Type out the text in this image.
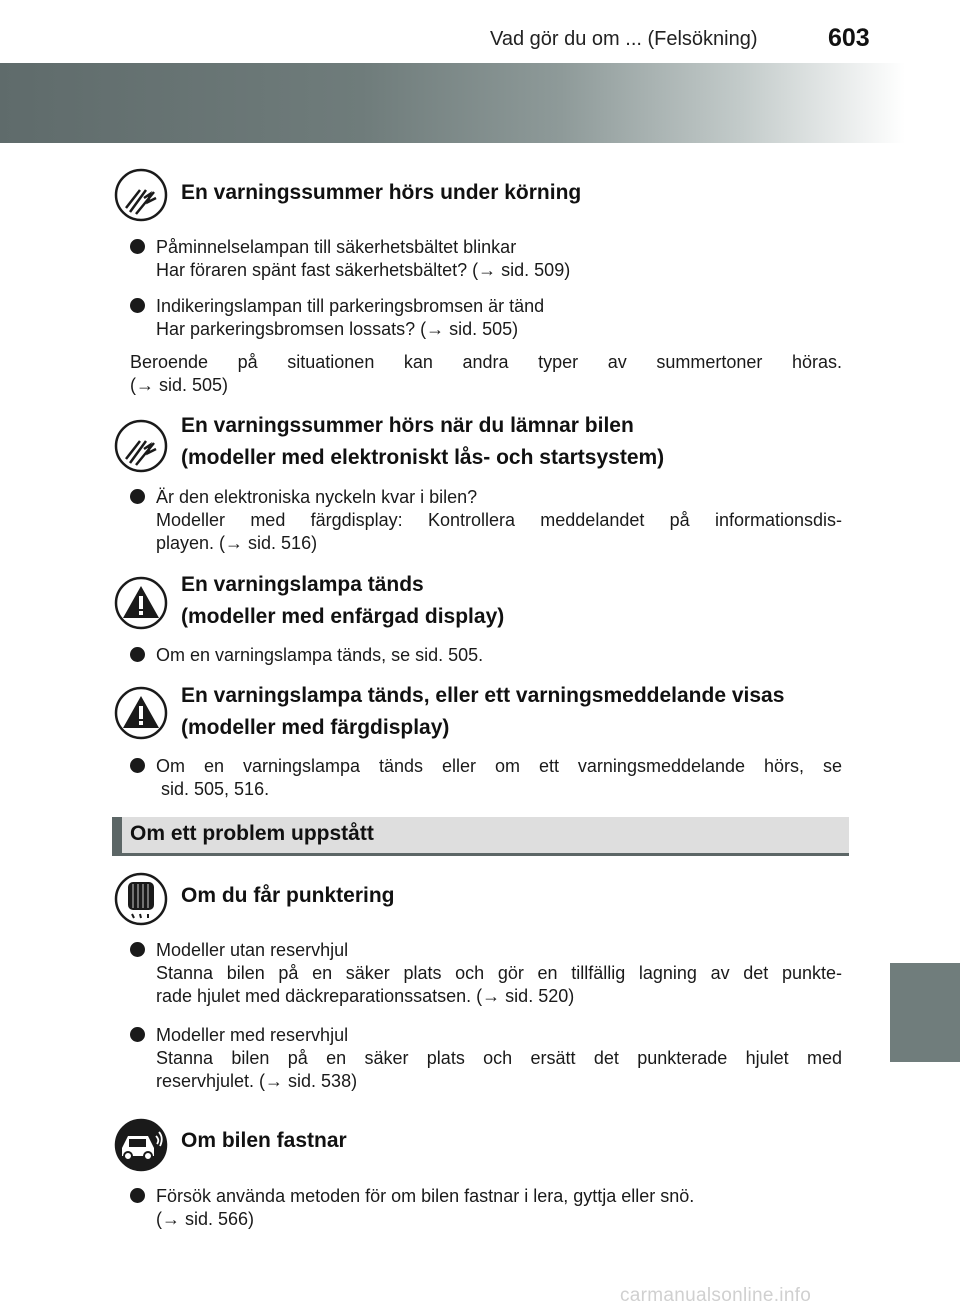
Vad gör du om ... (Felsökning)	603
En varningssummer hörs under körning
Påminnelselampan till säkerhetsbältet blinkar
Har föraren spänt fast säkerhetsbältet? (→ sid. 509)
Indikeringslampan till parkeringsbromsen är tänd
Har parkeringsbromsen lossats? (→ sid. 505)
Beroende på situationen kan andra typer av summertoner höras.
(→ sid. 505)
En varningssummer hörs när du lämnar bilen
(modeller med elektroniskt lås- och startsystem)
Är den elektroniska nyckeln kvar i bilen?
Modeller med färgdisplay: Kontrollera meddelandet på informationsdis-
playen. (→ sid. 516)
En varningslampa tänds
(modeller med enfärgad display)
Om en varningslampa tänds, se sid. 505.
En varningslampa tänds, eller ett varningsmeddelande visas
(modeller med färgdisplay)
Om en varningslampa tänds eller om ett varningsmeddelande hörs, se
sid. 505, 516.
Om ett problem uppstått
Om du får punktering
Modeller utan reservhjul
Stanna bilen på en säker plats och gör en tillfällig lagning av det punkte-
rade hjulet med däckreparationssatsen. (→ sid. 520)
Modeller med reservhjul
Stanna bilen på en säker plats och ersätt det punkterade hjulet med
reservhjulet. (→ sid. 538)
Om bilen fastnar
Försök använda metoden för om bilen fastnar i lera, gyttja eller snö.
(→ sid. 566)
carmanualsonline.info
